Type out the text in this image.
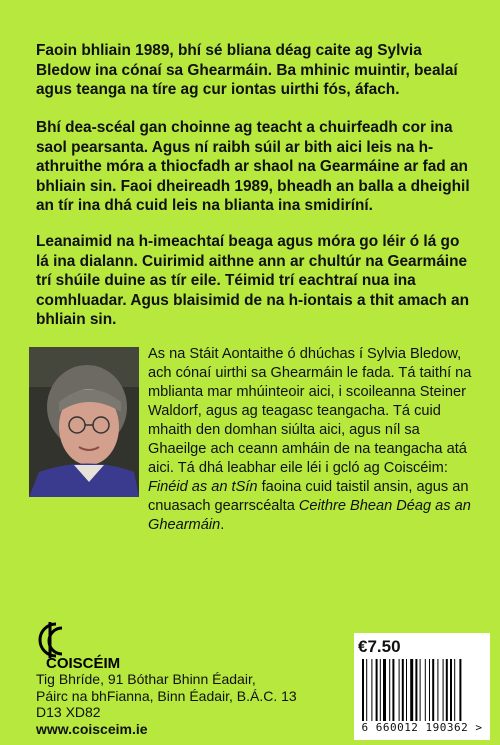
Faoin bhliain 1989, bhí sé bliana déag caite ag Sylvia Bledow ina cónaí sa Ghearmáin. Ba mhinic muintir, bealaí agus teanga na tíre ag cur iontas uirthi fós, áfach.

Bhí dea-scéal gan choinne ag teacht a chuirfeadh cor ina saol pearsanta. Agus ní raibh súil ar bith aici leis na h-athruithe móra a thiocfadh ar shaol na Gearmáine ar fad an bhliain sin. Faoi dheireadh 1989, bheadh an balla a dheighil an tír ina dhá cuid leis na blianta ina smidiríní.

Leanaimid na h-imeachtaí beaga agus móra go léir ó lá go lá ina dialann. Cuirimid aithne ann ar chultúr na Gearmáine trí shúile duine as tír eile. Téimid trí eachtraí nua ina comhluadar. Agus blaisimid de na h-iontais a thit amach an bhliain sin.

As na Stáit Aontaithe ó dhúchas í Sylvia Bledow, ach cónaí uirthi sa Ghearmáin le fada. Tá taithí na mblianta mar mhúinteoir aici, i scoileanna Steiner Waldorf, agus ag teagasc teangacha. Tá cuid mhaith den domhan siúlta aici, agus níl sa Ghaeilge ach ceann amháin de na teangacha atá aici. Tá dhá leabhar eile léi i gcló ag Coiscéim: Finéid as an tSín faoina cuid taistil ansin, agus an cnuasach gearrscéalta Ceithre Bhean Déag as an Ghearmáin.

COISCÉIM
Tig Bhríde, 91 Bóthar Bhinn Éadair,
Páirc na bhFianna, Binn Éadair, B.Á.C. 13
D13 XD82
www.coisceim.ie
€7.50
6 660012 190362 >
